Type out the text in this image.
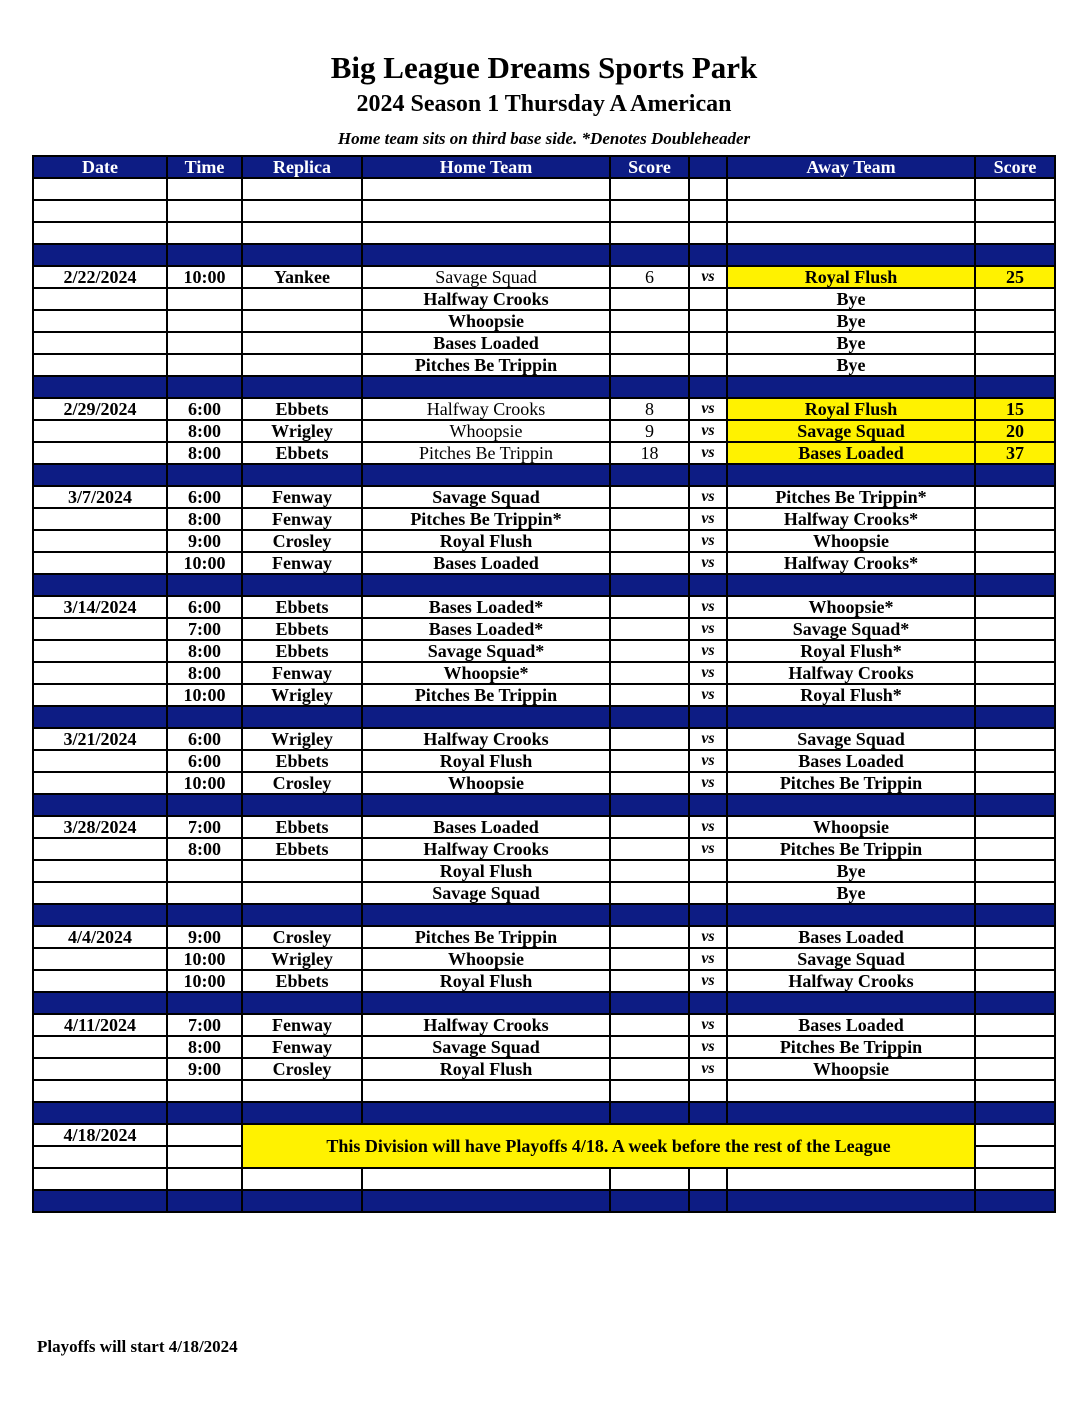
Big League Dreams Sports Park
2024 Season 1 Thursday A American
Home team sits on third base side. *Denotes Doubleheader
Date	Time	Replica	Home Team	Score		Away Team	Score

2/22/2024	10:00	Yankee	Savage Squad	6	vs	Royal Flush	25
			Halfway Crooks			Bye	
			Whoopsie			Bye	
			Bases Loaded			Bye	
			Pitches Be Trippin			Bye	

2/29/2024	6:00	Ebbets	Halfway Crooks	8	vs	Royal Flush	15
	8:00	Wrigley	Whoopsie	9	vs	Savage Squad	20
	8:00	Ebbets	Pitches Be Trippin	18	vs	Bases Loaded	37

3/7/2024	6:00	Fenway	Savage Squad		vs	Pitches Be Trippin*	
	8:00	Fenway	Pitches Be Trippin*		vs	Halfway Crooks*	
	9:00	Crosley	Royal Flush		vs	Whoopsie	
	10:00	Fenway	Bases Loaded		vs	Halfway Crooks*	

3/14/2024	6:00	Ebbets	Bases Loaded*		vs	Whoopsie*	
	7:00	Ebbets	Bases Loaded*		vs	Savage Squad*	
	8:00	Ebbets	Savage Squad*		vs	Royal Flush*	
	8:00	Fenway	Whoopsie*		vs	Halfway Crooks	
	10:00	Wrigley	Pitches Be Trippin		vs	Royal Flush*	

3/21/2024	6:00	Wrigley	Halfway Crooks		vs	Savage Squad	
	6:00	Ebbets	Royal Flush		vs	Bases Loaded	
	10:00	Crosley	Whoopsie		vs	Pitches Be Trippin	

3/28/2024	7:00	Ebbets	Bases Loaded		vs	Whoopsie	
	8:00	Ebbets	Halfway Crooks		vs	Pitches Be Trippin	
			Royal Flush			Bye	
			Savage Squad			Bye	

4/4/2024	9:00	Crosley	Pitches Be Trippin		vs	Bases Loaded	
	10:00	Wrigley	Whoopsie		vs	Savage Squad	
	10:00	Ebbets	Royal Flush		vs	Halfway Crooks	

4/11/2024	7:00	Fenway	Halfway Crooks		vs	Bases Loaded	
	8:00	Fenway	Savage Squad		vs	Pitches Be Trippin	
	9:00	Crosley	Royal Flush		vs	Whoopsie	

4/18/2024		This Division will have Playoffs 4/18. A week before the rest of the League					

Playoffs will start 4/18/2024
